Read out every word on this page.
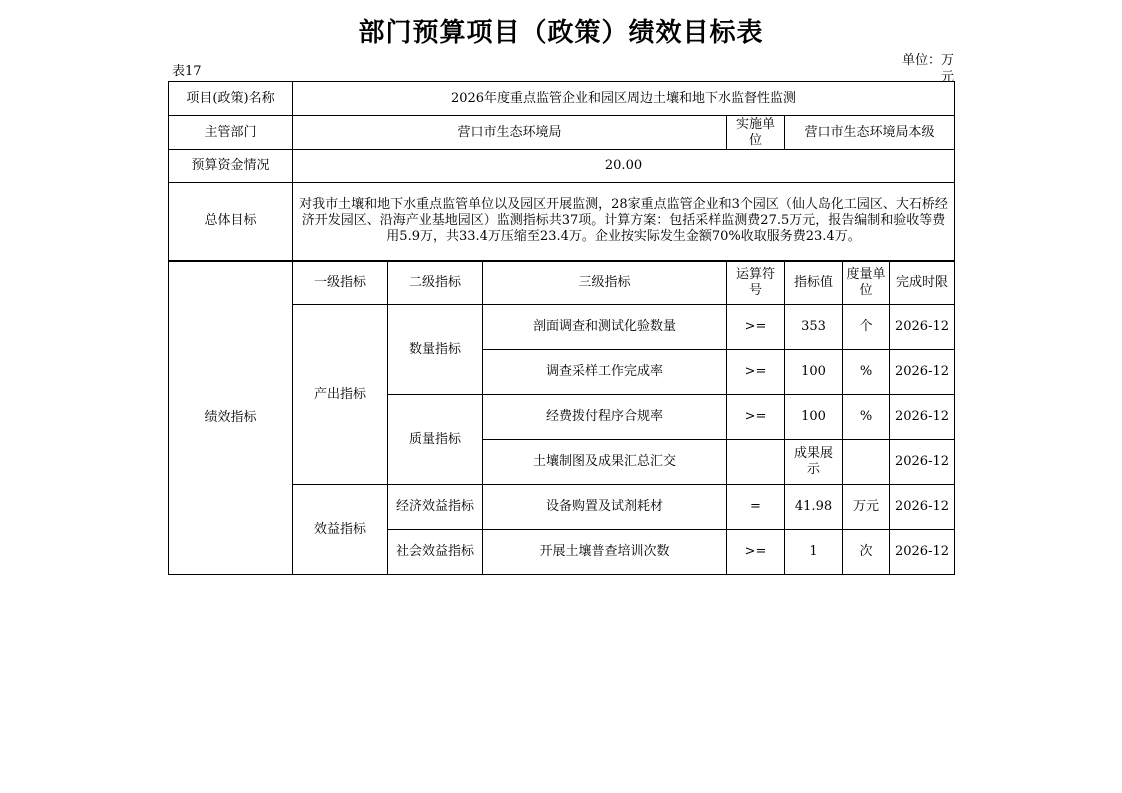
部门预算项目（政策）绩效目标表
表17
单位：万元
项目(政策)名称	2026年度重点监管企业和园区周边土壤和地下水监督性监测						
主管部门	营口市生态环境局			实施单位	营口市生态环境局本级		
预算资金情况	20.00						
总体目标	对我市土壤和地下水重点监管单位以及园区开展监测，28家重点监管企业和3个园区（仙人岛化工园区、大石桥经济开发园区、沿海产业基地园区）监测指标共37项。计算方案：包括采样监测费27.5万元，报告编制和验收等费用5.9万，共33.4万压缩至23.4万。企业按实际发生金额70%收取服务费23.4万。						
绩效指标	一级指标	二级指标	三级指标	运算符号	指标值	度量单位	完成时限
	产出指标	数量指标	剖面调查和测试化验数量	>=	353	个	2026-12
			调查采样工作完成率	>=	100	%	2026-12
		质量指标	经费拨付程序合规率	>=	100	%	2026-12
			土壤制图及成果汇总汇交		成果展示		2026-12
	效益指标	经济效益指标	设备购置及试剂耗材	=	41.98	万元	2026-12
		社会效益指标	开展土壤普查培训次数	>=	1	次	2026-12
